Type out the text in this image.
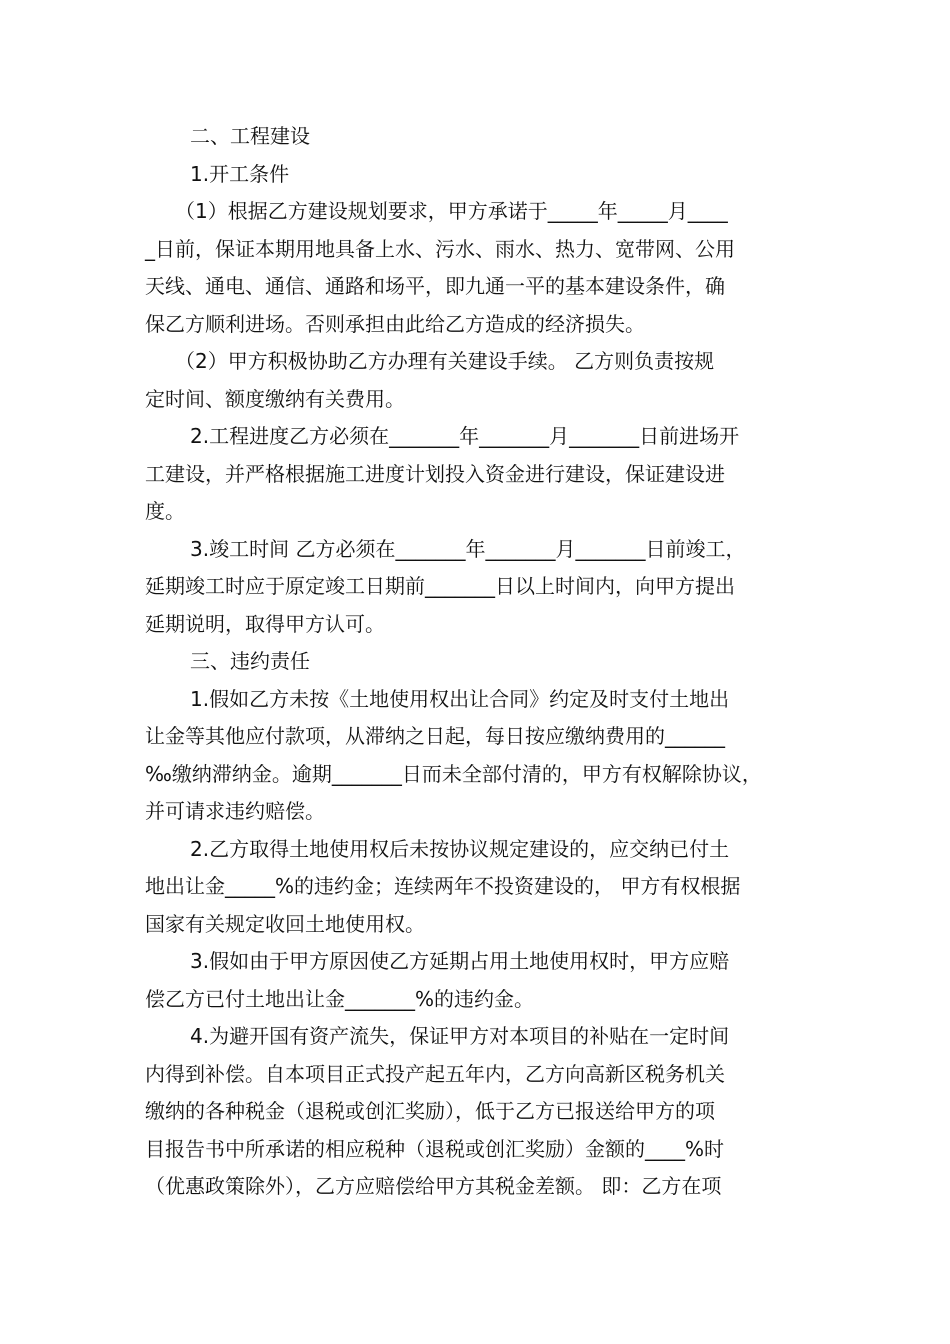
二、工程建设
1.开工条件
（1）根据乙方建设规划要求，甲方承诺于_____年_____月____
_日前，保证本期用地具备上水、污水、雨水、热力、宽带网、公用
天线、通电、通信、通路和场平，即九通一平的基本建设条件，确
保乙方顺利进场。否则承担由此给乙方造成的经济损失。
（2）甲方积极协助乙方办理有关建设手续。 乙方则负责按规
定时间、额度缴纳有关费用。
2.工程进度乙方必须在_______年_______月_______日前进场开
工建设，并严格根据施工进度计划投入资金进行建设，保证建设进
度。
3.竣工时间 乙方必须在_______年_______月_______日前竣工，
延期竣工时应于原定竣工日期前_______日以上时间内，向甲方提出
延期说明，取得甲方认可。
三、违约责任
1.假如乙方未按《土地使用权出让合同》约定及时支付土地出
让金等其他应付款项，从滞纳之日起，每日按应缴纳费用的______
‰缴纳滞纳金。逾期_______日而未全部付清的，甲方有权解除协议，
并可请求违约赔偿。
2.乙方取得土地使用权后未按协议规定建设的，应交纳已付土
地出让金_____%的违约金；连续两年不投资建设的， 甲方有权根据
国家有关规定收回土地使用权。
3.假如由于甲方原因使乙方延期占用土地使用权时，甲方应赔
偿乙方已付土地出让金_______%的违约金。
4.为避开国有资产流失，保证甲方对本项目的补贴在一定时间
内得到补偿。自本项目正式投产起五年内，乙方向高新区税务机关
缴纳的各种税金（退税或创汇奖励），低于乙方已报送给甲方的项
目报告书中所承诺的相应税种（退税或创汇奖励）金额的____%时
（优惠政策除外），乙方应赔偿给甲方其税金差额。 即：乙方在项
